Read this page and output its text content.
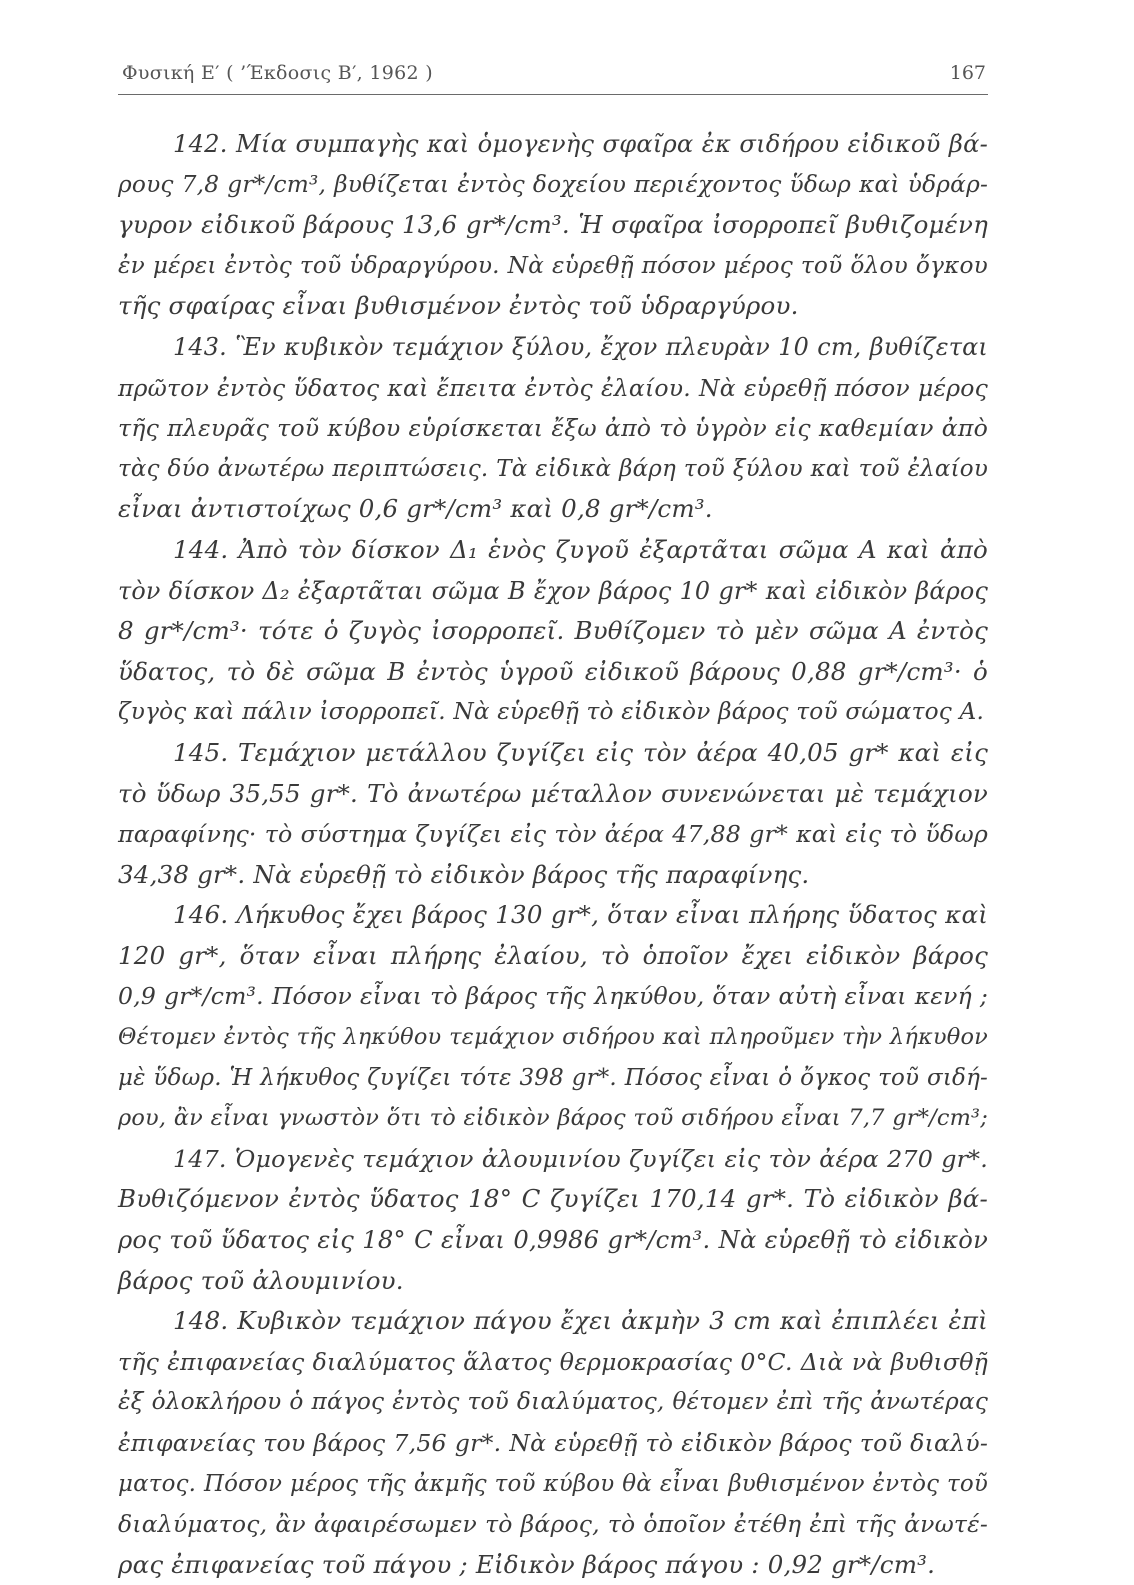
Φυσική Ε′ ( ’Έκδοσις Β′, 1962 )	167
142. Μία συμπαγὴς καὶ ὁμογενὴς σφαῖρα ἐκ σιδήρου εἰδικοῦ βά-
ρους 7,8 gr*/cm³, βυθίζεται ἐντὸς δοχείου περιέχοντος ὕδωρ καὶ ὑδράρ-
γυρον εἰδικοῦ βάρους 13,6 gr*/cm³. Ἡ σφαῖρα ἰσορροπεῖ βυθιζομένη
ἐν μέρει ἐντὸς τοῦ ὑδραργύρου. Νὰ εὑρεθῇ πόσον μέρος τοῦ ὅλου ὄγκου
τῆς σφαίρας εἶναι βυθισμένον ἐντὸς τοῦ ὑδραργύρου.
143. Ἓν κυβικὸν τεμάχιον ξύλου, ἔχον πλευρὰν 10 cm, βυθίζεται
πρῶτον ἐντὸς ὕδατος καὶ ἔπειτα ἐντὸς ἐλαίου. Νὰ εὑρεθῇ πόσον μέρος
τῆς πλευρᾶς τοῦ κύβου εὑρίσκεται ἔξω ἀπὸ τὸ ὑγρὸν εἰς καθεμίαν ἀπὸ
τὰς δύο ἀνωτέρω περιπτώσεις. Τὰ εἰδικὰ βάρη τοῦ ξύλου καὶ τοῦ ἐλαίου
εἶναι ἀντιστοίχως 0,6 gr*/cm³ καὶ 0,8 gr*/cm³.
144. Ἀπὸ τὸν δίσκον Δ₁ ἑνὸς ζυγοῦ ἐξαρτᾶται σῶμα Α καὶ ἀπὸ
τὸν δίσκον Δ₂ ἐξαρτᾶται σῶμα Β ἔχον βάρος 10 gr* καὶ εἰδικὸν βάρος
8 gr*/cm³· τότε ὁ ζυγὸς ἰσορροπεῖ. Βυθίζομεν τὸ μὲν σῶμα Α ἐντὸς
ὕδατος, τὸ δὲ σῶμα Β ἐντὸς ὑγροῦ εἰδικοῦ βάρους 0,88 gr*/cm³· ὁ
ζυγὸς καὶ πάλιν ἰσορροπεῖ. Νὰ εὑρεθῇ τὸ εἰδικὸν βάρος τοῦ σώματος Α.
145. Τεμάχιον μετάλλου ζυγίζει εἰς τὸν ἀέρα 40,05 gr* καὶ εἰς
τὸ ὕδωρ 35,55 gr*. Τὸ ἀνωτέρω μέταλλον συνενώνεται μὲ τεμάχιον
παραφίνης· τὸ σύστημα ζυγίζει εἰς τὸν ἀέρα 47,88 gr* καὶ εἰς τὸ ὕδωρ
34,38 gr*. Νὰ εὑρεθῇ τὸ εἰδικὸν βάρος τῆς παραφίνης.
146. Λήκυθος ἔχει βάρος 130 gr*, ὅταν εἶναι πλήρης ὕδατος καὶ
120 gr*, ὅταν εἶναι πλήρης ἐλαίου, τὸ ὁποῖον ἔχει εἰδικὸν βάρος
0,9 gr*/cm³. Πόσον εἶναι τὸ βάρος τῆς ληκύθου, ὅταν αὐτὴ εἶναι κενή ;
Θέτομεν ἐντὸς τῆς ληκύθου τεμάχιον σιδήρου καὶ πληροῦμεν τὴν λήκυθον
μὲ ὕδωρ. Ἡ λήκυθος ζυγίζει τότε 398 gr*. Πόσος εἶναι ὁ ὄγκος τοῦ σιδή-
ρου, ἂν εἶναι γνωστὸν ὅτι τὸ εἰδικὸν βάρος τοῦ σιδήρου εἶναι 7,7 gr*/cm³;
147. Ὁμογενὲς τεμάχιον ἀλουμινίου ζυγίζει εἰς τὸν ἀέρα 270 gr*.
Βυθιζόμενον ἐντὸς ὕδατος 18° C ζυγίζει 170,14 gr*. Τὸ εἰδικὸν βά-
ρος τοῦ ὕδατος εἰς 18° C εἶναι 0,9986 gr*/cm³. Νὰ εὑρεθῇ τὸ εἰδικὸν
βάρος τοῦ ἀλουμινίου.
148. Κυβικὸν τεμάχιον πάγου ἔχει ἀκμὴν 3 cm καὶ ἐπιπλέει ἐπὶ
τῆς ἐπιφανείας διαλύματος ἅλατος θερμοκρασίας 0°C. Διὰ νὰ βυθισθῇ
ἐξ ὁλοκλήρου ὁ πάγος ἐντὸς τοῦ διαλύματος, θέτομεν ἐπὶ τῆς ἀνωτέρας
ἐπιφανείας του βάρος 7,56 gr*. Νὰ εὑρεθῇ τὸ εἰδικὸν βάρος τοῦ διαλύ-
ματος. Πόσον μέρος τῆς ἀκμῆς τοῦ κύβου θὰ εἶναι βυθισμένον ἐντὸς τοῦ
διαλύματος, ἂν ἀφαιρέσωμεν τὸ βάρος, τὸ ὁποῖον ἐτέθη ἐπὶ τῆς ἀνωτέ-
ρας ἐπιφανείας τοῦ πάγου ; Εἰδικὸν βάρος πάγου : 0,92 gr*/cm³.
